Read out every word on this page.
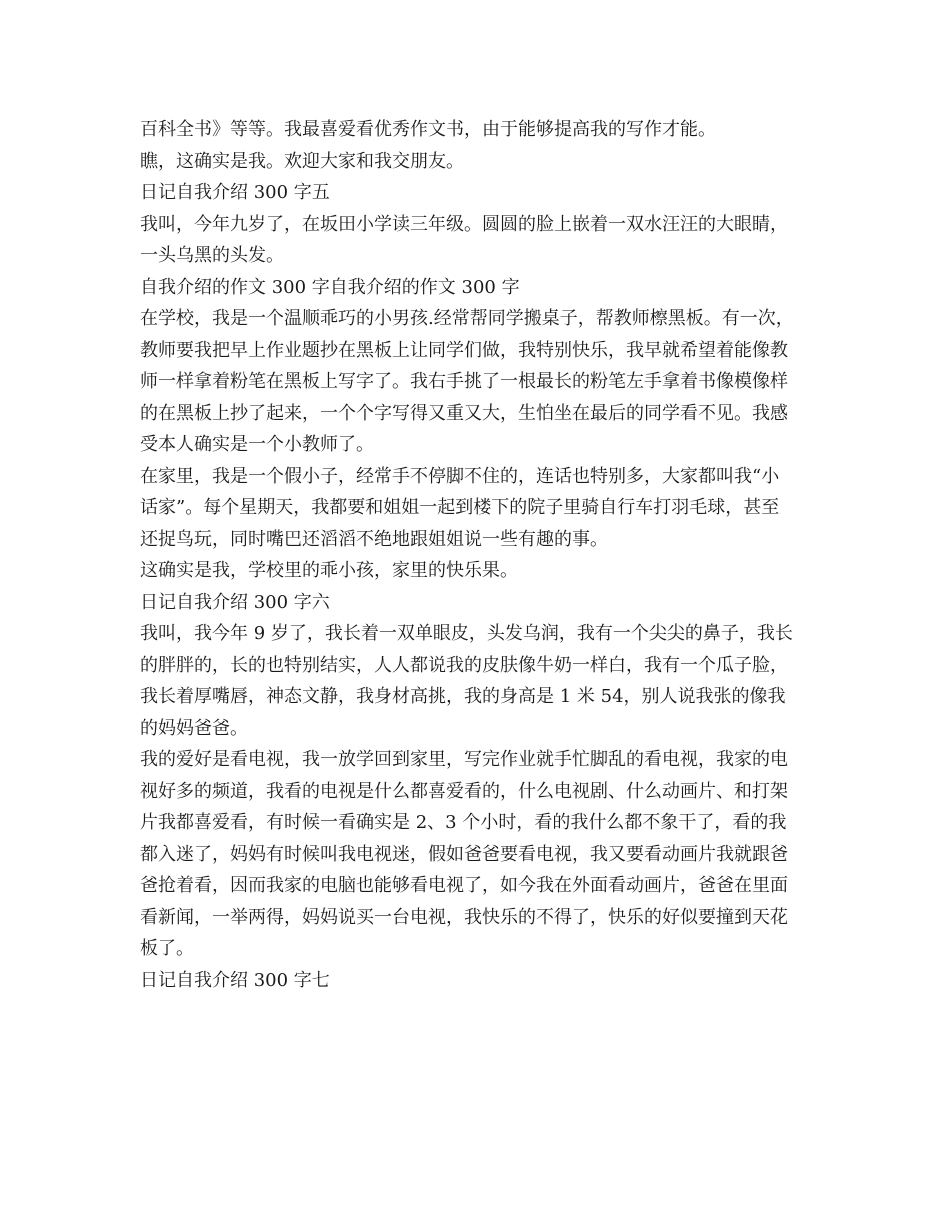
百科全书》等等。我最喜爱看优秀作文书，由于能够提高我的写作才能。
瞧，这确实是我。欢迎大家和我交朋友。
日记自我介绍 300 字五
我叫，今年九岁了，在坂田小学读三年级。圆圆的脸上嵌着一双水汪汪的大眼睛，
一头乌黑的头发。
自我介绍的作文 300 字自我介绍的作文 300 字
在学校，我是一个温顺乖巧的小男孩.经常帮同学搬桌子，帮教师檫黑板。有一次，
教师要我把早上作业题抄在黑板上让同学们做，我特别快乐，我早就希望着能像教
师一样拿着粉笔在黑板上写字了。我右手挑了一根最长的粉笔左手拿着书像模像样
的在黑板上抄了起来，一个个字写得又重又大，生怕坐在最后的同学看不见。我感
受本人确实是一个小教师了。
在家里，我是一个假小子，经常手不停脚不住的，连话也特别多，大家都叫我“小
话家”。每个星期天，我都要和姐姐一起到楼下的院子里骑自行车打羽毛球，甚至
还捉鸟玩，同时嘴巴还滔滔不绝地跟姐姐说一些有趣的事。
这确实是我，学校里的乖小孩，家里的快乐果。
日记自我介绍 300 字六
我叫，我今年 9 岁了，我长着一双单眼皮，头发乌润，我有一个尖尖的鼻子，我长
的胖胖的，长的也特别结实，人人都说我的皮肤像牛奶一样白，我有一个瓜子脸，
我长着厚嘴唇，神态文静，我身材高挑，我的身高是 1 米 54，别人说我张的像我
的妈妈爸爸。
我的爱好是看电视，我一放学回到家里，写完作业就手忙脚乱的看电视，我家的电
视好多的频道，我看的电视是什么都喜爱看的，什么电视剧、什么动画片、和打架
片我都喜爱看，有时候一看确实是 2、3 个小时，看的我什么都不象干了，看的我
都入迷了，妈妈有时候叫我电视迷，假如爸爸要看电视，我又要看动画片我就跟爸
爸抢着看，因而我家的电脑也能够看电视了，如今我在外面看动画片，爸爸在里面
看新闻，一举两得，妈妈说买一台电视，我快乐的不得了，快乐的好似要撞到天花
板了。
日记自我介绍 300 字七
